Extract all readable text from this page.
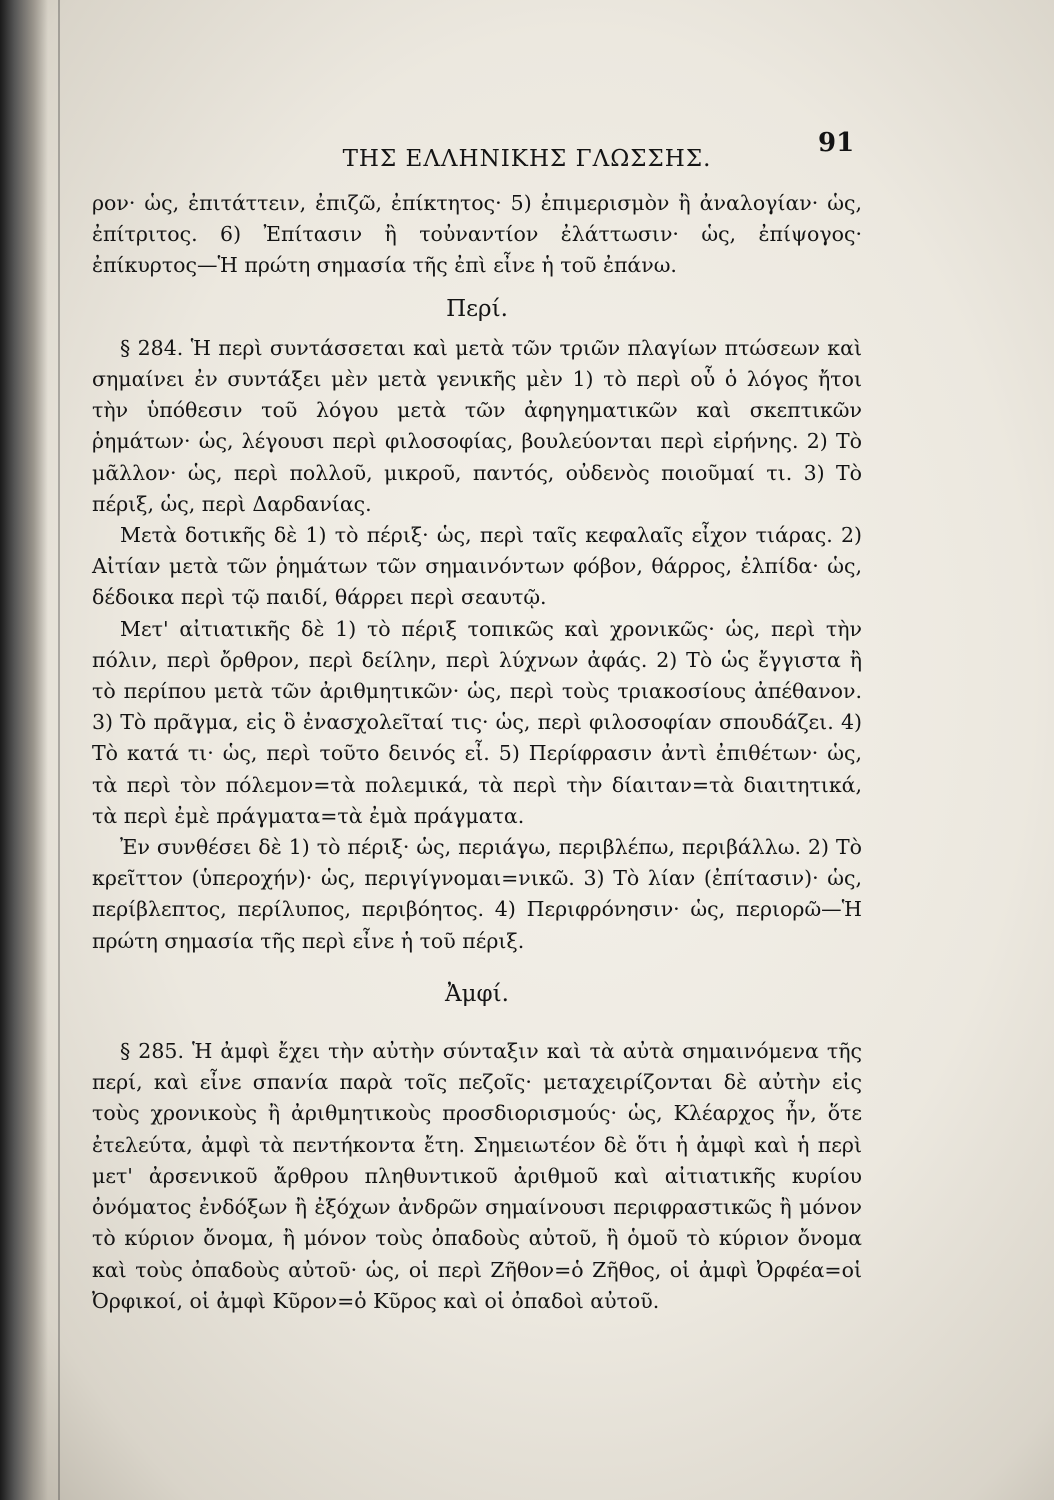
ΤΗΣ ΕΛΛΗΝΙΚΗΣ ΓΛΩΣΣΗΣ.
91

ρον· ὡς, ἐπιτάττειν, ἐπιζῶ, ἐπίκτητος· 5) ἐπιμερισμὸν ἢ ἀναλογίαν· ὡς, ἐπίτριτος. 6) Ἐπίτασιν ἢ τοὐναντίον ἐλάττωσιν· ὡς, ἐπίψογος· ἐπίκυρτος—Ἡ πρώτη σημασία τῆς ἐπὶ εἶνε ἡ τοῦ ἐπάνω.

Περί.

§ 284. Ἡ περὶ συντάσσεται καὶ μετὰ τῶν τριῶν πλαγίων πτώσεων καὶ σημαίνει ἐν συντάξει μὲν μετὰ γενικῆς μὲν 1) τὸ περὶ οὗ ὁ λόγος ἤτοι τὴν ὑπόθεσιν τοῦ λόγου μετὰ τῶν ἀφηγηματικῶν καὶ σκεπτικῶν ῥημάτων· ὡς, λέγουσι περὶ φιλοσοφίας, βουλεύονται περὶ εἰρήνης. 2) Τὸ μᾶλλον· ὡς, περὶ πολλοῦ, μικροῦ, παντός, οὐδενὸς ποιοῦμαί τι. 3) Τὸ πέριξ, ὡς, περὶ Δαρδανίας.

Μετὰ δοτικῆς δὲ 1) τὸ πέριξ· ὡς, περὶ ταῖς κεφαλαῖς εἶχον τιάρας. 2) Αἰτίαν μετὰ τῶν ῥημάτων τῶν σημαινόντων φόβον, θάρρος, ἐλπίδα· ὡς, δέδοικα περὶ τῷ παιδί, θάρρει περὶ σεαυτῷ.

Μετ' αἰτιατικῆς δὲ 1) τὸ πέριξ τοπικῶς καὶ χρονικῶς· ὡς, περὶ τὴν πόλιν, περὶ ὄρθρον, περὶ δείλην, περὶ λύχνων ἀφάς. 2) Τὸ ὡς ἔγγιστα ἢ τὸ περίπου μετὰ τῶν ἀριθμητικῶν· ὡς, περὶ τοὺς τριακοσίους ἀπέθανον. 3) Τὸ πρᾶγμα, εἰς ὃ ἐνασχολεῖταί τις· ὡς, περὶ φιλοσοφίαν σπουδάζει. 4) Τὸ κατά τι· ὡς, περὶ τοῦτο δεινός εἶ. 5) Περίφρασιν ἀντὶ ἐπιθέτων· ὡς, τὰ περὶ τὸν πόλεμον=τὰ πολεμικά, τὰ περὶ τὴν δίαιταν=τὰ διαιτητικά, τὰ περὶ ἐμὲ πράγματα=τὰ ἐμὰ πράγματα.

Ἐν συνθέσει δὲ 1) τὸ πέριξ· ὡς, περιάγω, περιβλέπω, περιβάλλω. 2) Τὸ κρεῖττον (ὑπεροχήν)· ὡς, περιγίγνομαι=νικῶ. 3) Τὸ λίαν (ἐπίτασιν)· ὡς, περίβλεπτος, περίλυπος, περιβόητος. 4) Περιφρόνησιν· ὡς, περιορῶ—Ἡ πρώτη σημασία τῆς περὶ εἶνε ἡ τοῦ πέριξ.

Ἀμφί.

§ 285. Ἡ ἀμφὶ ἔχει τὴν αὐτὴν σύνταξιν καὶ τὰ αὐτὰ σημαινόμενα τῆς περί, καὶ εἶνε σπανία παρὰ τοῖς πεζοῖς· μεταχειρίζονται δὲ αὐτὴν εἰς τοὺς χρονικοὺς ἢ ἀριθμητικοὺς προσδιορισμούς· ὡς, Κλέαρχος ἦν, ὅτε ἐτελεύτα, ἀμφὶ τὰ πεντήκοντα ἔτη. Σημειωτέον δὲ ὅτι ἡ ἀμφὶ καὶ ἡ περὶ μετ' ἀρσενικοῦ ἄρθρου πληθυντικοῦ ἀριθμοῦ καὶ αἰτιατικῆς κυρίου ὀνόματος ἐνδόξων ἢ ἐξόχων ἀνδρῶν σημαίνουσι περιφραστικῶς ἢ μόνον τὸ κύριον ὄνομα, ἢ μόνον τοὺς ὀπαδοὺς αὐτοῦ, ἢ ὁμοῦ τὸ κύριον ὄνομα καὶ τοὺς ὀπαδοὺς αὐτοῦ· ὡς, οἱ περὶ Ζῆθον=ὁ Ζῆθος, οἱ ἀμφὶ Ὀρφέα=οἱ Ὀρφικοί, οἱ ἀμφὶ Κῦρον=ὁ Κῦρος καὶ οἱ ὀπαδοὶ αὐτοῦ.
